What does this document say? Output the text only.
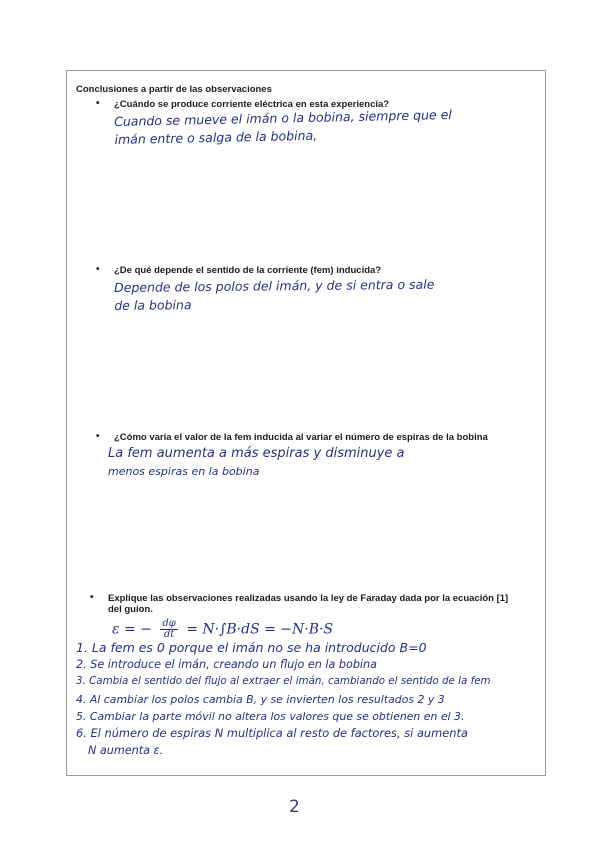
Conclusiones a partir de las observaciones
• ¿Cuándo se produce corriente eléctrica en esta experiencia?
Cuando se mueve el imán o la bobina, siempre que el
imán entre o salga de la bobina,
• ¿De qué depende el sentido de la corriente (fem) inducida?
Depende de los polos del imán, y de si entra o sale
de la bobina
• ¿Cómo varía el valor de la fem inducida al variar el número de espiras de la bobina
La fem aumenta a más espiras y disminuye a
menos espiras en la bobina
• Explique las observaciones realizadas usando la ley de Faraday dada por la ecuación [1]
del guion.
ε = − $\frac{d\varphi}{dt} = N\cdot\int B\cdot dS = -N\cdot B\cdot S$
1. La fem es 0 porque el imán no se ha introducido B=0
2. Se introduce el imán, creando un flujo en la bobina
3. Cambia el sentido del flujo al extraer el imán, cambiando el sentido de la fem
4. Al cambiar los polos cambia B, y se invierten los resultados 2 y 3
5. Cambiar la parte móvil no altera los valores que se obtienen en el 3.
6. El número de espiras N multiplica al resto de factores, si aumenta
N aumenta ε.
2
